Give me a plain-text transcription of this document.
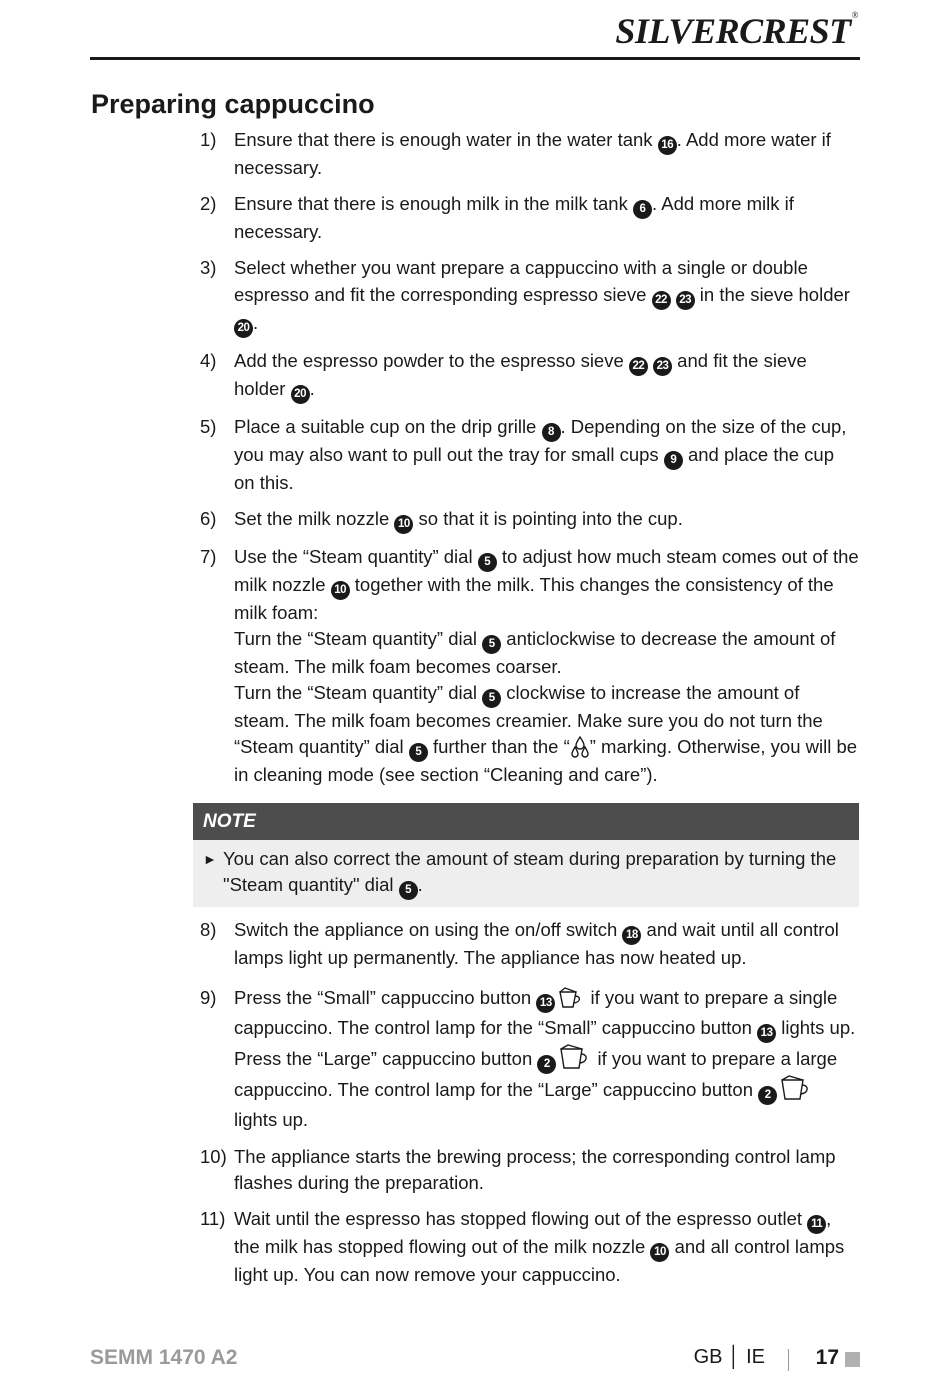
SILVERCREST®
Preparing cappuccino
1) Ensure that there is enough water in the water tank 16 . Add more water if necessary.

2) Ensure that there is enough milk in the milk tank 6 . Add more milk if necessary.

3) Select whether you want prepare a cappuccino with a single or double espresso and fit the corresponding espresso sieve 22 23 in the sieve holder 20 .

4) Add the espresso powder to the espresso sieve 22 23 and fit the sieve holder 20 .

5) Place a suitable cup on the drip grille 8 . Depending on the size of the cup, you may also want to pull out the tray for small cups 9 and place the cup on this.

6) Set the milk nozzle 10 so that it is pointing into the cup.

7) Use the “Steam quantity” dial 5 to adjust how much steam comes out of the milk nozzle 10 together with the milk. This changes the consistency of the milk foam:

Turn the “Steam quantity” dial 5 anticlockwise to decrease the amount of steam. The milk foam becomes coarser.

Turn the “Steam quantity” dial 5 clockwise to increase the amount of steam. The milk foam becomes creamier. Make sure you do not turn the “Steam quantity” dial 5 further than the “ ” marking. Otherwise, you will be in cleaning mode (see section “Cleaning and care”).

NOTE
► You can also correct the amount of steam during preparation by turning the "Steam quantity" dial 5 .
8) Switch the appliance on using the on/off switch 18 and wait until all control lamps light up permanently. The appliance has now heated up.

9) Press the “Small” cappuccino button 13 if you want to prepare a single cappuccino. The control lamp for the “Small” cappuccino button 13 lights up.

Press the “Large” cappuccino button 2 if you want to prepare a large cappuccino. The control lamp for the “Large” cappuccino button 2
lights up.

10) The appliance starts the brewing process; the corresponding control lamp flashes during the preparation.

11) Wait until the espresso has stopped flowing out of the espresso outlet 11 , the milk has stopped flowing out of the milk nozzle 10 and all control lamps light up. You can now remove your cappuccino.

SEMM 1470 A2	GB │ IE 17
